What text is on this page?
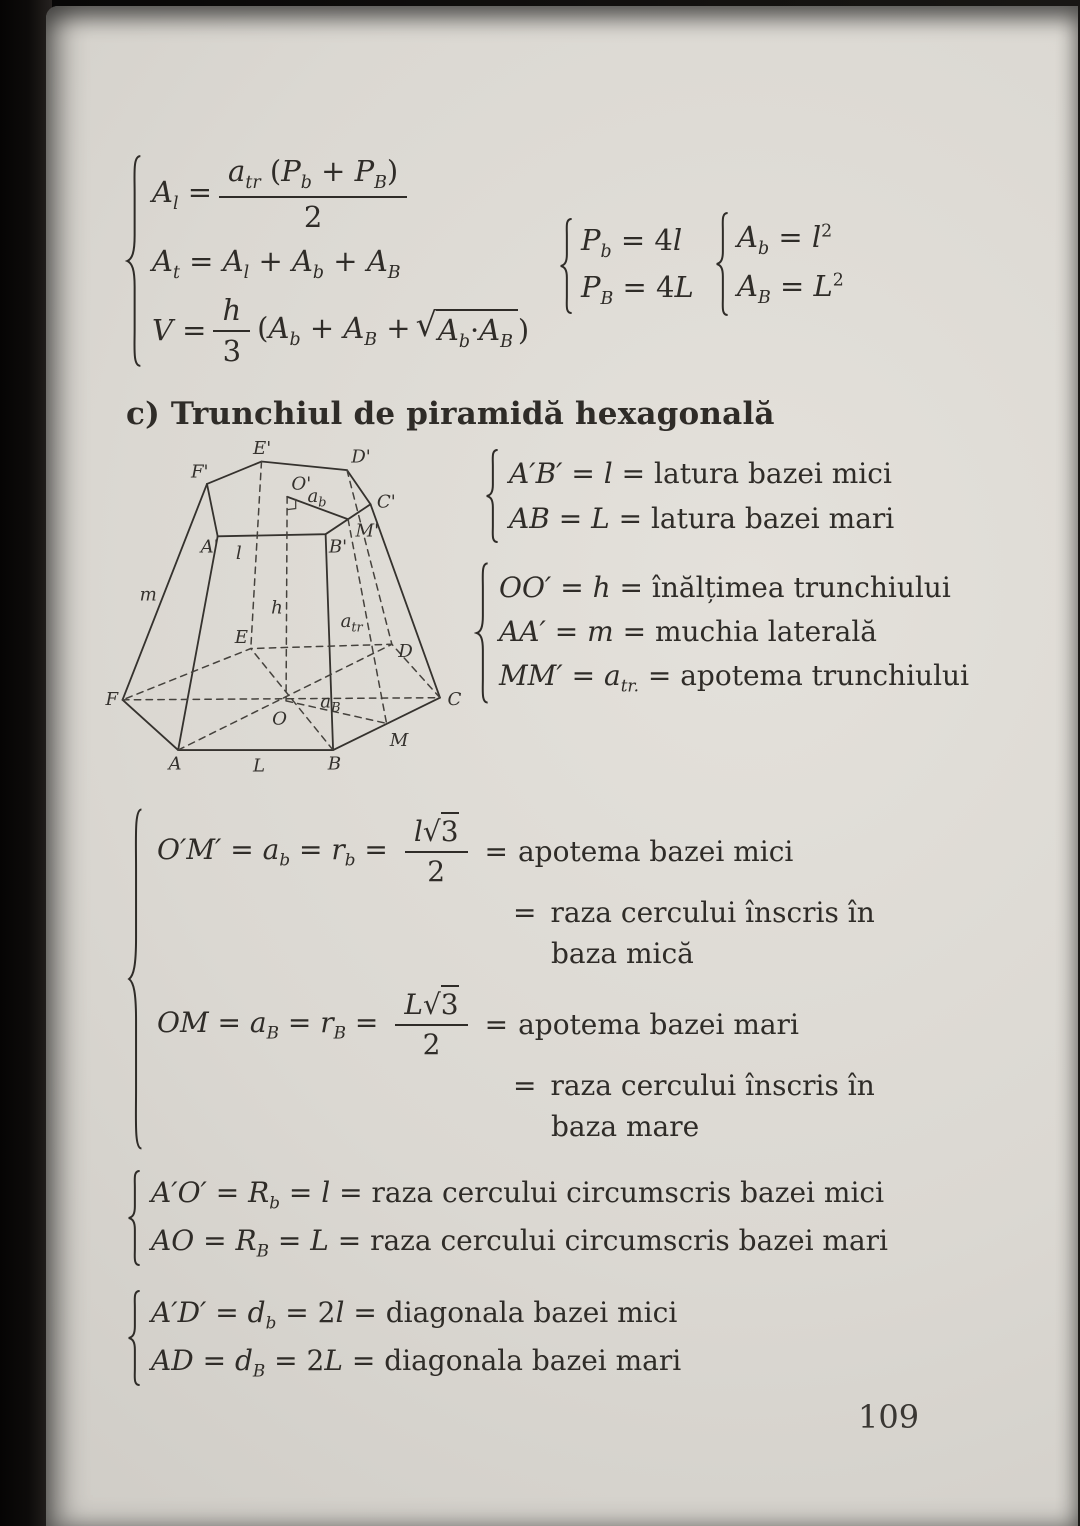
$A_l = \frac{a_{tr} (P_b + P_B)}{2}$
$A_t = A_l + A_b + A_B$
$V = \frac{h}{3} (A_b + A_B$ + √ $A_b\cdot A_B$ )
$P_b = 4l$
$P_B = 4L$
$A_b = l^2$
$A_B = L^2$
c) Trunchiul de piramidă hexagonală
E'	D'
F'
O'
C'
A'	B'
M'
$a_b$
l
m
h
$a_{tr}$
E
D
F	C
O
$a_B$
M
A	L	B
A′B′ = l = latura bazei mici
AB = L = latura bazei mari
OO′ = h = înălțimea trunchiului
AA′ = m = muchia laterală
$MM' = a_{tr.}$ = apotema trunchiului
$O'M' = a_b = r_b = \frac{l√3}{2}$ = apotema bazei mici
= raza cercului înscris în
baza mică
OM = $a_B = r_B = \frac{L√3}{2}$ = apotema bazei mari
= raza cercului înscris în
baza mare
$A'O' = R_b = l$ = raza cercului circumscris bazei mici
AO = $R_B = L$ = raza cercului circumscris bazei mari
$A'D' = d_b = 2l$ = diagonala bazei mici
AD = $d_B = 2L$ = diagonala bazei mari
109
